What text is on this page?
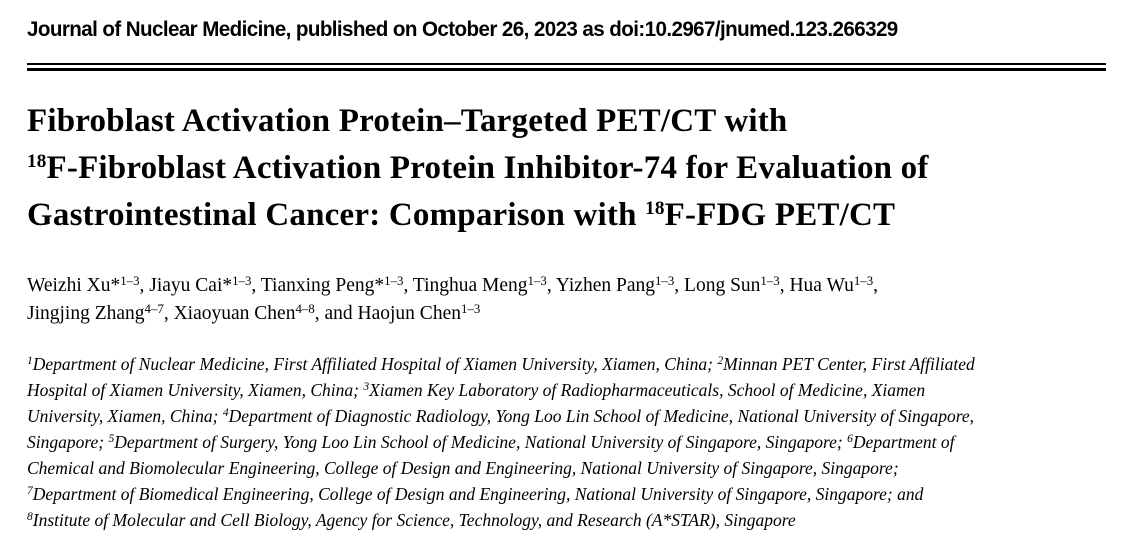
Journal of Nuclear Medicine, published on October 26, 2023 as doi:10.2967/jnumed.123.266329
Fibroblast Activation Protein–Targeted PET/CT with
$^{18}$F-Fibroblast Activation Protein Inhibitor-74 for Evaluation of
Gastrointestinal Cancer: Comparison with $^{18}$F-FDG PET/CT
Weizhi Xu*$^{1-3}$, Jiayu Cai*$^{1-3}$, Tianxing Peng*$^{1-3}$, Tinghua Meng$^{1-3}$, Yizhen Pang$^{1-3}$, Long Sun$^{1-3}$, Hua Wu$^{1-3}$,
Jingjing Zhang$^{4-7}$, Xiaoyuan Chen$^{4-8}$, and Haojun Chen$^{1-3}$
$^1$Department of Nuclear Medicine, First Affiliated Hospital of Xiamen University, Xiamen, China; $^2$Minnan PET Center, First Affiliated
Hospital of Xiamen University, Xiamen, China; $^3$Xiamen Key Laboratory of Radiopharmaceuticals, School of Medicine, Xiamen
University, Xiamen, China; $^4$Department of Diagnostic Radiology, Yong Loo Lin School of Medicine, National University of Singapore,
Singapore; $^5$Department of Surgery, Yong Loo Lin School of Medicine, National University of Singapore, Singapore; $^6$Department of
Chemical and Biomolecular Engineering, College of Design and Engineering, National University of Singapore, Singapore;
$^7$Department of Biomedical Engineering, College of Design and Engineering, National University of Singapore, Singapore; and
$^8$Institute of Molecular and Cell Biology, Agency for Science, Technology, and Research (A*STAR), Singapore
